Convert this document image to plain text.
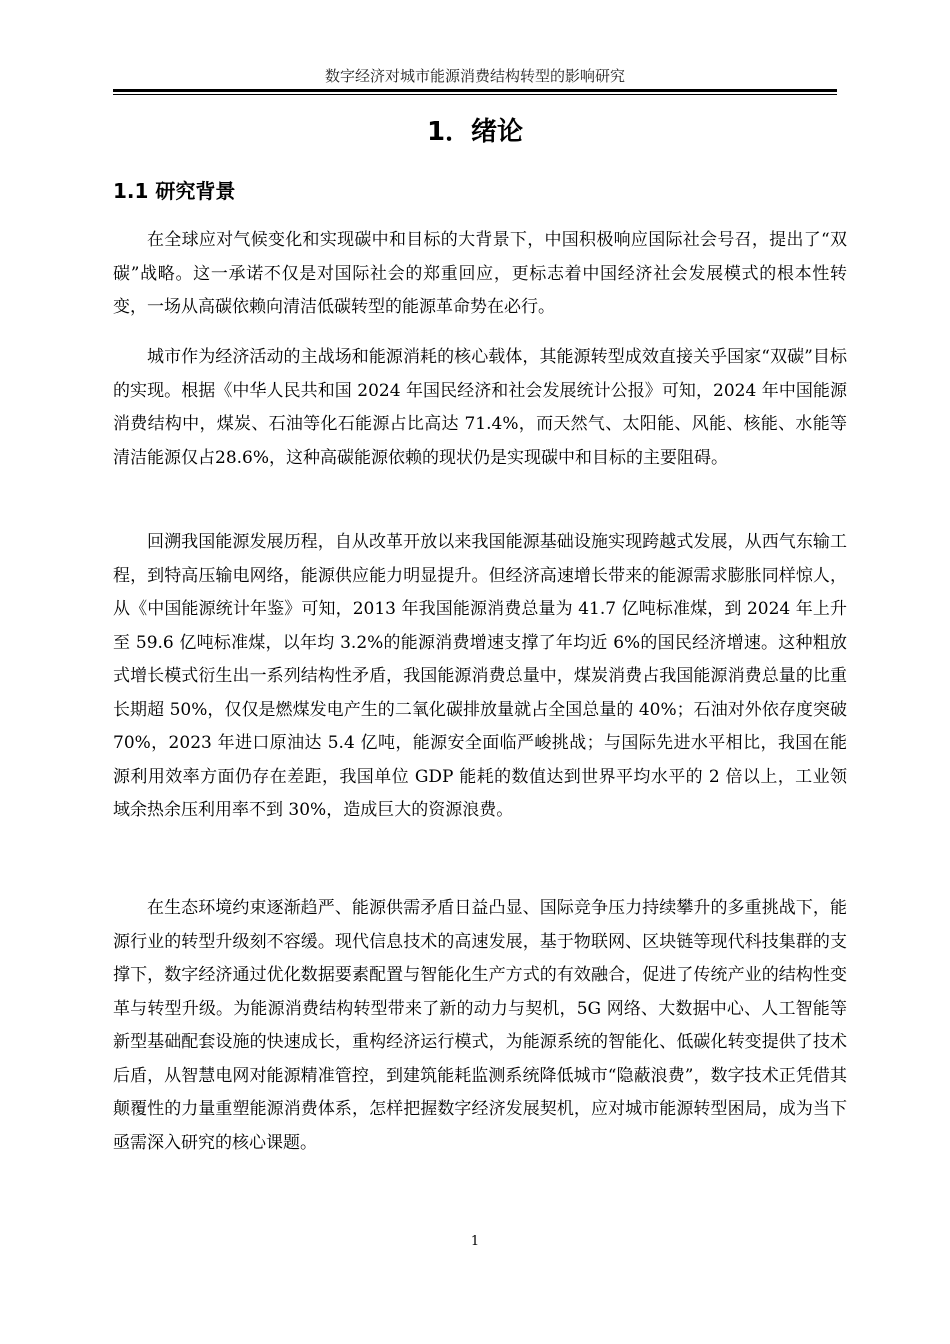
数字经济对城市能源消费结构转型的影响研究
1．绪论
1.1 研究背景

在全球应对气候变化和实现碳中和目标的大背景下，中国积极响应国际社会号召，提出了“双碳”战略。这一承诺不仅是对国际社会的郑重回应，更标志着中国经济社会发展模式的根本性转变，一场从高碳依赖向清洁低碳转型的能源革命势在必行。

城市作为经济活动的主战场和能源消耗的核心载体，其能源转型成效直接关乎国家“双碳”目标的实现。根据《中华人民共和国 2024 年国民经济和社会发展统计公报》可知，2024 年中国能源消费结构中，煤炭、石油等化石能源占比高达 71.4%，而天然气、太阳能、风能、核能、水能等清洁能源仅占28.6%，这种高碳能源依赖的现状仍是实现碳中和目标的主要阻碍。

回溯我国能源发展历程，自从改革开放以来我国能源基础设施实现跨越式发展，从西气东输工程，到特高压输电网络，能源供应能力明显提升。但经济高速增长带来的能源需求膨胀同样惊人，从《中国能源统计年鉴》可知，2013 年我国能源消费总量为 41.7 亿吨标准煤，到 2024 年上升至 59.6 亿吨标准煤，以年均 3.2%的能源消费增速支撑了年均近 6%的国民经济增速。这种粗放式增长模式衍生出一系列结构性矛盾，我国能源消费总量中，煤炭消费占我国能源消费总量的比重长期超 50%，仅仅是燃煤发电产生的二氧化碳排放量就占全国总量的 40%；石油对外依存度突破 70%，2023 年进口原油达 5.4 亿吨，能源安全面临严峻挑战；与国际先进水平相比，我国在能源利用效率方面仍存在差距，我国单位 GDP 能耗的数值达到世界平均水平的 2 倍以上，工业领域余热余压利用率不到 30%，造成巨大的资源浪费。

在生态环境约束逐渐趋严、能源供需矛盾日益凸显、国际竞争压力持续攀升的多重挑战下，能源行业的转型升级刻不容缓。现代信息技术的高速发展，基于物联网、区块链等现代科技集群的支撑下，数字经济通过优化数据要素配置与智能化生产方式的有效融合，促进了传统产业的结构性变革与转型升级。为能源消费结构转型带来了新的动力与契机，5G 网络、大数据中心、人工智能等新型基础配套设施的快速成长，重构经济运行模式，为能源系统的智能化、低碳化转变提供了技术后盾，从智慧电网对能源精准管控，到建筑能耗监测系统降低城市“隐蔽浪费”，数字技术正凭借其颠覆性的力量重塑能源消费体系，怎样把握数字经济发展契机，应对城市能源转型困局，成为当下亟需深入研究的核心课题。

1
